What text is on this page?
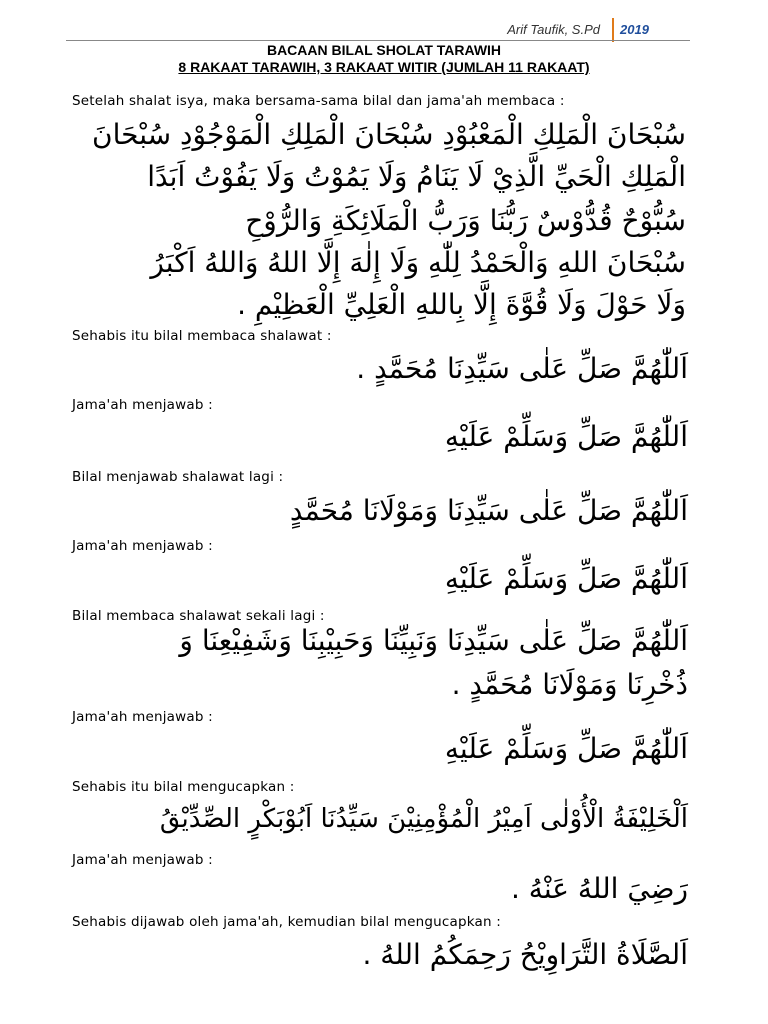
Arif Taufik, S.Pd 2019
BACAAN BILAL SHOLAT TARAWIH
8 RAKAAT TARAWIH, 3 RAKAAT WITIR (JUMLAH 11 RAKAAT)
Setelah shalat isya, maka bersama-sama bilal dan jama'ah membaca :
سُبْحَانَ الْمَلِكِ الْمَعْبُوْدِ سُبْحَانَ الْمَلِكِ الْمَوْجُوْدِ سُبْحَانَ
الْمَلِكِ الْحَيِّ الَّذِيْ لَا يَنَامُ وَلَا يَمُوْتُ وَلَا يَفُوْتُ اَبَدًا
سُبُّوْحٌ قُدُّوْسٌ رَبُّنَا وَرَبُّ الْمَلَائِكَةِ وَالرُّوْحِ
سُبْحَانَ اللهِ وَالْحَمْدُ لِلّٰهِ وَلَا إِلٰهَ إِلَّا اللهُ وَاللهُ اَكْبَرُ
وَلَا حَوْلَ وَلَا قُوَّةَ إِلَّا بِاللهِ الْعَلِيِّ الْعَظِيْمِ .
Sehabis itu bilal membaca shalawat :
اَللّٰهُمَّ صَلِّ عَلٰى سَيِّدِنَا مُحَمَّدٍ .
Jama'ah menjawab :
اَللّٰهُمَّ صَلِّ وَسَلِّمْ عَلَيْهِ
Bilal menjawab shalawat lagi :
اَللّٰهُمَّ صَلِّ عَلٰى سَيِّدِنَا وَمَوْلَانَا مُحَمَّدٍ
Jama'ah menjawab :
اَللّٰهُمَّ صَلِّ وَسَلِّمْ عَلَيْهِ
Bilal membaca shalawat sekali lagi :
اَللّٰهُمَّ صَلِّ عَلٰى سَيِّدِنَا وَنَبِيِّنَا وَحَبِيْبِنَا وَشَفِيْعِنَا وَ
ذُخْرِنَا وَمَوْلَانَا مُحَمَّدٍ .
Jama'ah menjawab :
اَللّٰهُمَّ صَلِّ وَسَلِّمْ عَلَيْهِ
Sehabis itu bilal mengucapkan :
اَلْخَلِيْفَةُ الْأُوْلٰى اَمِيْرُ الْمُؤْمِنِيْنَ سَيِّدُنَا اَبُوْبَكْرٍ الصِّدِّيْقُ
Jama'ah menjawab :
رَضِيَ اللهُ عَنْهُ .
Sehabis dijawab oleh jama'ah, kemudian bilal mengucapkan :
اَلصَّلَاةُ التَّرَاوِيْحُ رَحِمَكُمُ اللهُ .
